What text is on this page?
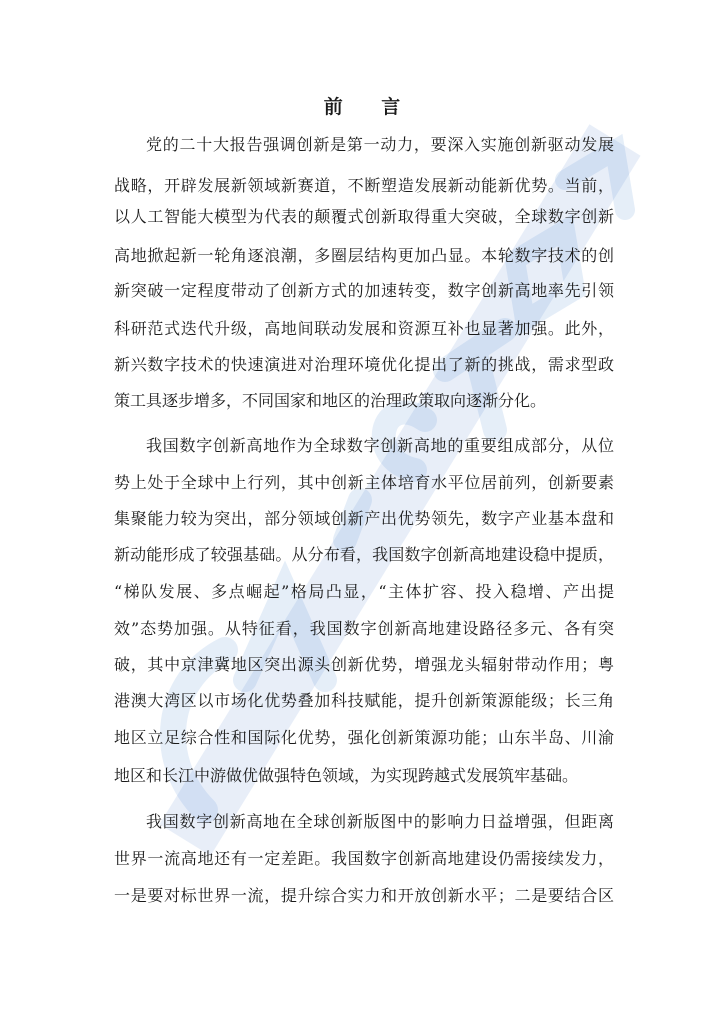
前 言
党的二十大报告强调创新是第一动力，要深入实施创新驱动发展
战略，开辟发展新领域新赛道，不断塑造发展新动能新优势。当前，
以人工智能大模型为代表的颠覆式创新取得重大突破，全球数字创新
高地掀起新一轮角逐浪潮，多圈层结构更加凸显。本轮数字技术的创
新突破一定程度带动了创新方式的加速转变，数字创新高地率先引领
科研范式迭代升级，高地间联动发展和资源互补也显著加强。此外，
新兴数字技术的快速演进对治理环境优化提出了新的挑战，需求型政
策工具逐步增多，不同国家和地区的治理政策取向逐渐分化。
我国数字创新高地作为全球数字创新高地的重要组成部分，从位
势上处于全球中上行列，其中创新主体培育水平位居前列，创新要素
集聚能力较为突出，部分领域创新产出优势领先，数字产业基本盘和
新动能形成了较强基础。从分布看，我国数字创新高地建设稳中提质，
“梯队发展、多点崛起”格局凸显，“主体扩容、投入稳增、产出提
效”态势加强。从特征看，我国数字创新高地建设路径多元、各有突
破，其中京津冀地区突出源头创新优势，增强龙头辐射带动作用；粤
港澳大湾区以市场化优势叠加科技赋能，提升创新策源能级；长三角
地区立足综合性和国际化优势，强化创新策源功能；山东半岛、川渝
地区和长江中游做优做强特色领域，为实现跨越式发展筑牢基础。
我国数字创新高地在全球创新版图中的影响力日益增强，但距离
世界一流高地还有一定差距。我国数字创新高地建设仍需接续发力，
一是要对标世界一流，提升综合实力和开放创新水平；二是要结合区
